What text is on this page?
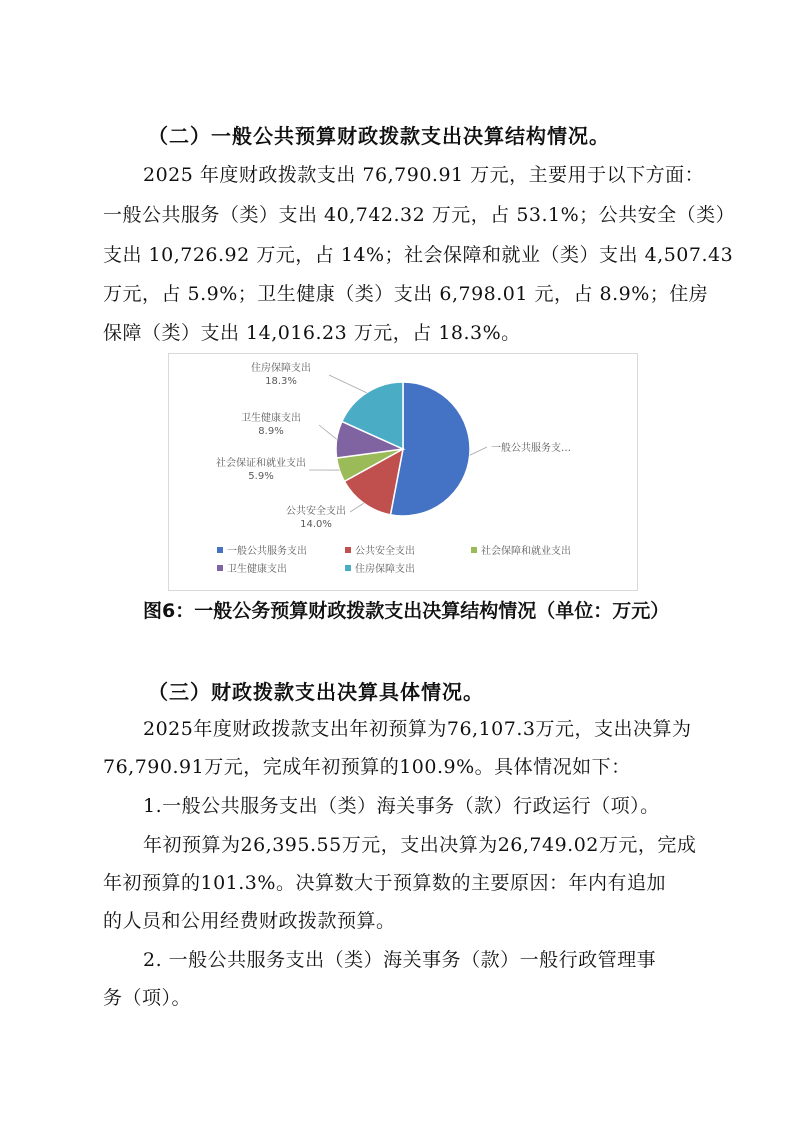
（二）一般公共预算财政拨款支出决算结构情况。
2025 年度财政拨款支出 76,790.91 万元，主要用于以下方面：
一般公共服务（类）支出 40,742.32 万元，占 53.1%；公共安全（类）
支出 10,726.92 万元，占 14%；社会保障和就业（类）支出 4,507.43
万元，占 5.9%；卫生健康（类）支出 6,798.01 元，占 8.9%；住房
保障（类）支出 14,016.23 万元，占 18.3%。
一般公共服务支…
公共安全支出
14.0%
社会保证和就业支出
5.9%
卫生健康支出
8.9%
住房保障支出
18.3%
一般公共服务支出	公共安全支出	社会保障和就业支出
卫生健康支出	住房保障支出
图6：一般公务预算财政拨款支出决算结构情况（单位：万元）
（三）财政拨款支出决算具体情况。
2025年度财政拨款支出年初预算为76,107.3万元，支出决算为
76,790.91万元，完成年初预算的100.9%。具体情况如下：
1.一般公共服务支出（类）海关事务（款）行政运行（项）。
年初预算为26,395.55万元，支出决算为26,749.02万元，完成
年初预算的101.3%。决算数大于预算数的主要原因：年内有追加
的人员和公用经费财政拨款预算。
2. 一般公共服务支出（类）海关事务（款）一般行政管理事
务（项）。
